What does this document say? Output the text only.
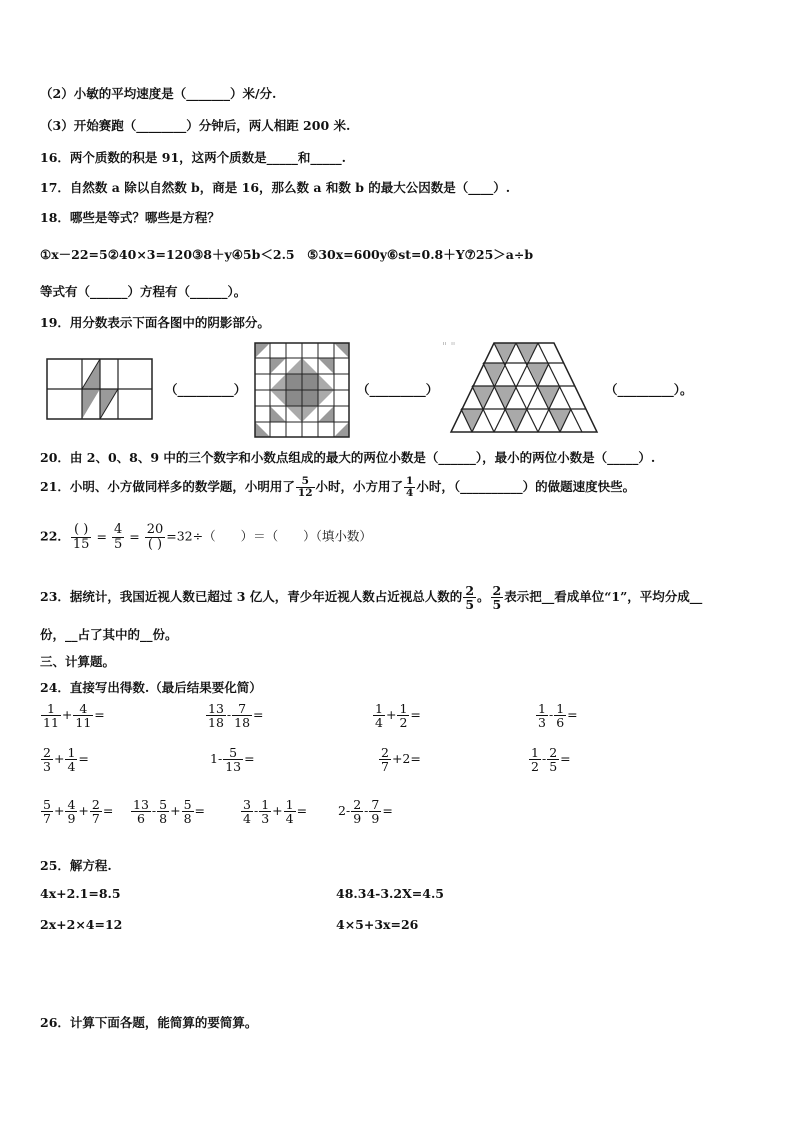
（2）小敏的平均速度是（_______）米/分.
（3）开始赛跑（________）分钟后，两人相距 200 米.
16．两个质数的积是 91，这两个质数是_____和_____.
17．自然数 a 除以自然数 b，商是 16，那么数 a 和数 b 的最大公因数是（____）.
18．哪些是等式？哪些是方程？
①x－22=5②40×3=120③8＋y④5b＜2.5　⑤30x=600y⑥st=0.8＋Y⑦25＞a÷b
等式有（______）方程有（______）。
19．用分数表示下面各图中的阴影部分。
（_________）	（_________）
" "
（_________）。
20．由 2、0、8、9 中的三个数字和小数点组成的最大的两位小数是（______），最小的两位小数是（_____）.
21．小明、小方做同样多的数学题，小明用了 $\frac{5}{12}$ 小时，小方用了 $\frac{1}{4}$ 小时，（__________）的做题速度快些。
22． $\frac{( )}{15} = \frac{4}{5} = \frac{20}{( )} =32\div$（　　）＝（　　）（填小数）
23．据统计，我国近视人数已超过 3 亿人，青少年近视人数占近视总人数的 $\frac{2}{5}$ 。 $\frac{2}{5}$ 表示把__看成单位“1”，平均分成__
份，__占了其中的__份。
三、计算题。
24．直接写出得数.（最后结果要化简）
$\frac{1}{11} + \frac{4}{11}$ =	$\frac{13}{18} - \frac{7}{18}$ =	$\frac{1}{4} + \frac{1}{2}$ =	$\frac{1}{3} - \frac{1}{6}$ =
$\frac{2}{3} + \frac{1}{4}$ =	$1- \frac{5}{13}$ =	$\frac{2}{7} +2=$	$\frac{1}{2} - \frac{2}{5}$ =
$\frac{5}{7} + \frac{4}{9} + \frac{2}{7} = \frac{13}{6} - \frac{5}{8} + \frac{5}{8}$ =	$\frac{3}{4} - \frac{1}{3} + \frac{1}{4} = 2- \frac{2}{9} - \frac{7}{9}$ =
25．解方程.
4x+2.1=8.5	48.34-3.2X=4.5
2x+2×4=12	4×5+3x=26
26．计算下面各题，能简算的要简算。
